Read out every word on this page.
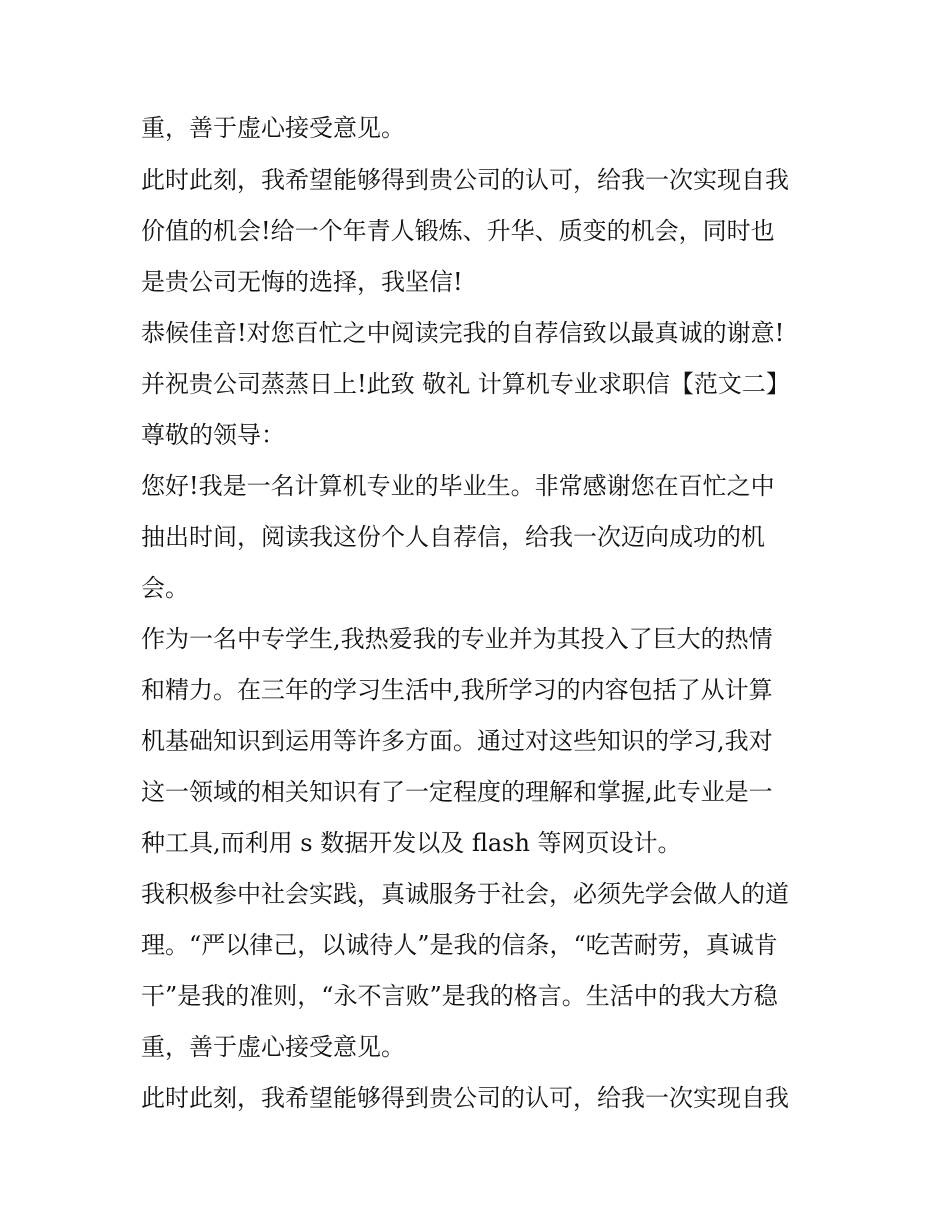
重，善于虚心接受意见。

此时此刻，我希望能够得到贵公司的认可，给我一次实现自我

价值的机会!给一个年青人锻炼、升华、质变的机会，同时也

是贵公司无悔的选择，我坚信!

恭候佳音!对您百忙之中阅读完我的自荐信致以最真诚的谢意!

并祝贵公司蒸蒸日上!此致 敬礼 计算机专业求职信【范文二】

尊敬的领导：

您好!我是一名计算机专业的毕业生。非常感谢您在百忙之中

抽出时间，阅读我这份个人自荐信，给我一次迈向成功的机

会。

作为一名中专学生,我热爱我的专业并为其投入了巨大的热情

和精力。在三年的学习生活中,我所学习的内容包括了从计算

机基础知识到运用等许多方面。通过对这些知识的学习,我对

这一领域的相关知识有了一定程度的理解和掌握,此专业是一

种工具,而利用 s 数据开发以及 flash 等网页设计。

我积极参中社会实践，真诚服务于社会，必须先学会做人的道

理。“严以律己，以诚待人”是我的信条，“吃苦耐劳，真诚肯

干”是我的准则，“永不言败”是我的格言。生活中的我大方稳

重，善于虚心接受意见。

此时此刻，我希望能够得到贵公司的认可，给我一次实现自我
